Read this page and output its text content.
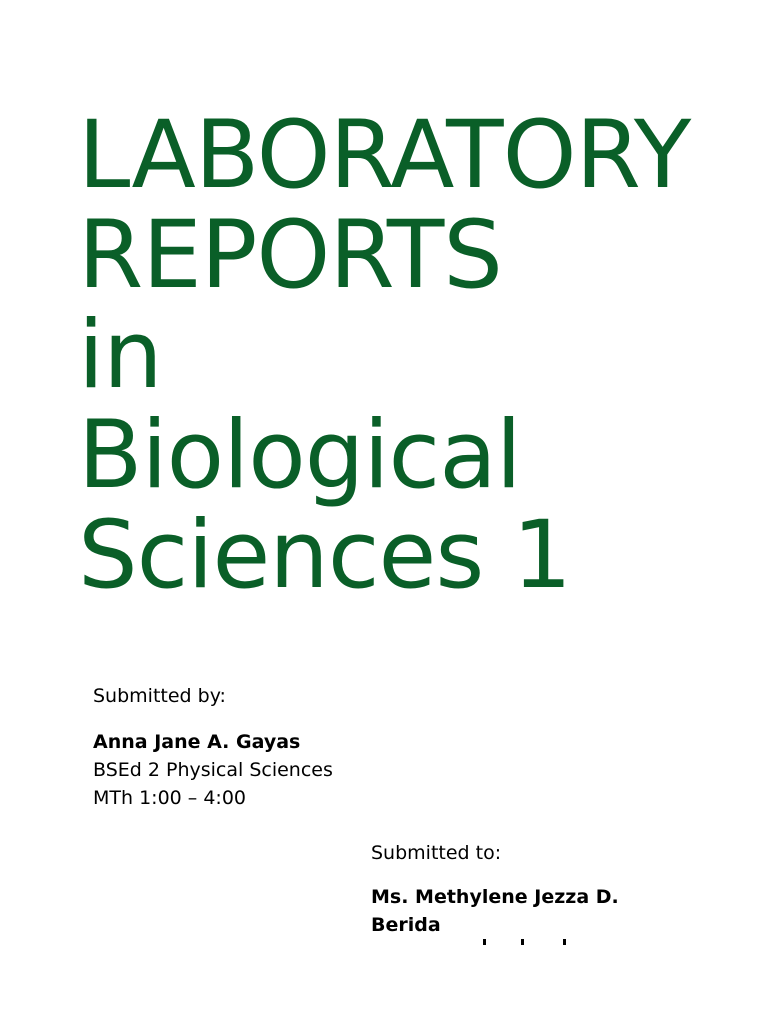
LABORATORY
REPORTS
in
Biological
Sciences 1
Submitted by:
Anna Jane A. Gayas
BSEd 2 Physical Sciences
MTh 1:00 – 4:00
Submitted to:
Ms. Methylene Jezza D.
Berida
